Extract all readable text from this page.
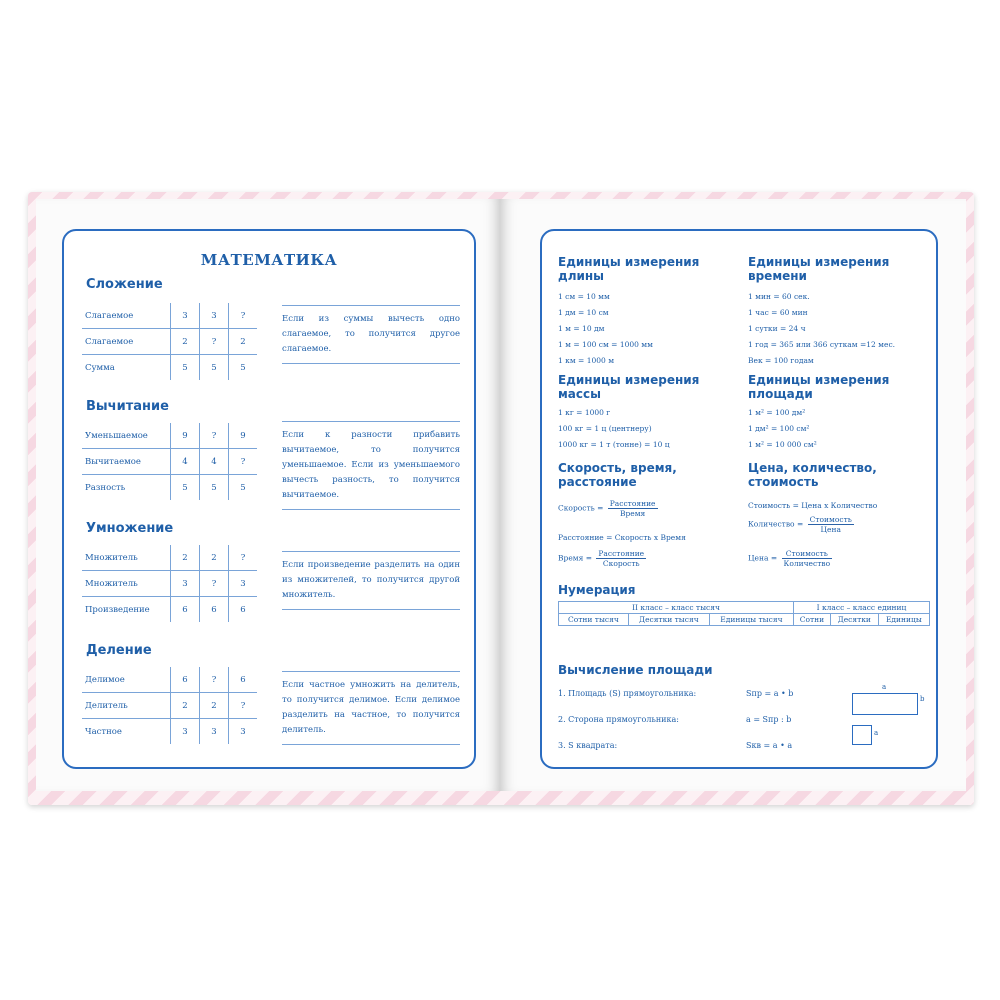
МАТЕМАТИКА
Сложение
Слагаемое	3	3	?
Слагаемое	2	?	2
Сумма	5	5	5

Если из суммы вычесть одно слагаемое, то получится другое слагаемое.

Вычитание
Уменьшаемое	9	?	9
Вычитаемое	4	4	?
Разность	5	5	5

Если к разности прибавить вычитаемое, то получится уменьшаемое. Если из уменьшаемого вычесть разность, то получится вычитаемое.

Умножение
Множитель	2	2	?
Множитель	3	?	3
Произведение	6	6	6

Если произведение разделить на один из множителей, то получится другой множитель.

Деление
Делимое	6	?	6
Делитель	2	2	?
Частное	3	3	3

Если частное умножить на делитель, то получится делимое. Если делимое разделить на частное, то получится делитель.

Единицы измерения длины
1 см = 10 мм
1 дм = 10 см
1 м = 10 дм
1 м = 100 см = 1000 мм
1 км = 1000 м
Единицы измерения времени
1 мин = 60 сек.
1 час = 60 мин
1 сутки = 24 ч
1 год = 365 или 366 суткам =12 мес.
Век = 100 годам
Единицы измерения массы
1 кг = 1000 г
100 кг = 1 ц (центнеру)
1000 кг = 1 т (тонне) = 10 ц
Единицы измерения площади
1 м² = 100 дм²
1 дм² = 100 см²
1 м² = 10 000 см²
Скорость, время, расстояние
Скорость = $\frac{\text{Расстояние}}{\text{Время}}$
Расстояние = Скорость х Время
Время = $\frac{\text{Расстояние}}{\text{Скорость}}$
Цена, количество, стоимость
Стоимость = Цена х Количество
Количество = $\frac{\text{Стоимость}}{\text{Цена}}$
Цена = $\frac{\text{Стоимость}}{\text{Количество}}$
Нумерация
II класс – класс тысяч			I класс – класс единиц		
Сотни тысяч	Десятки тысяч	Единицы тысяч	Сотни	Десятки	Единицы
Вычисление площади
1. Площадь (S) прямоугольника:	Sпр = a • b
2. Сторона прямоугольника:	a = Sпр : b
3. S квадрата:	Sкв = a • a
a
b
a
